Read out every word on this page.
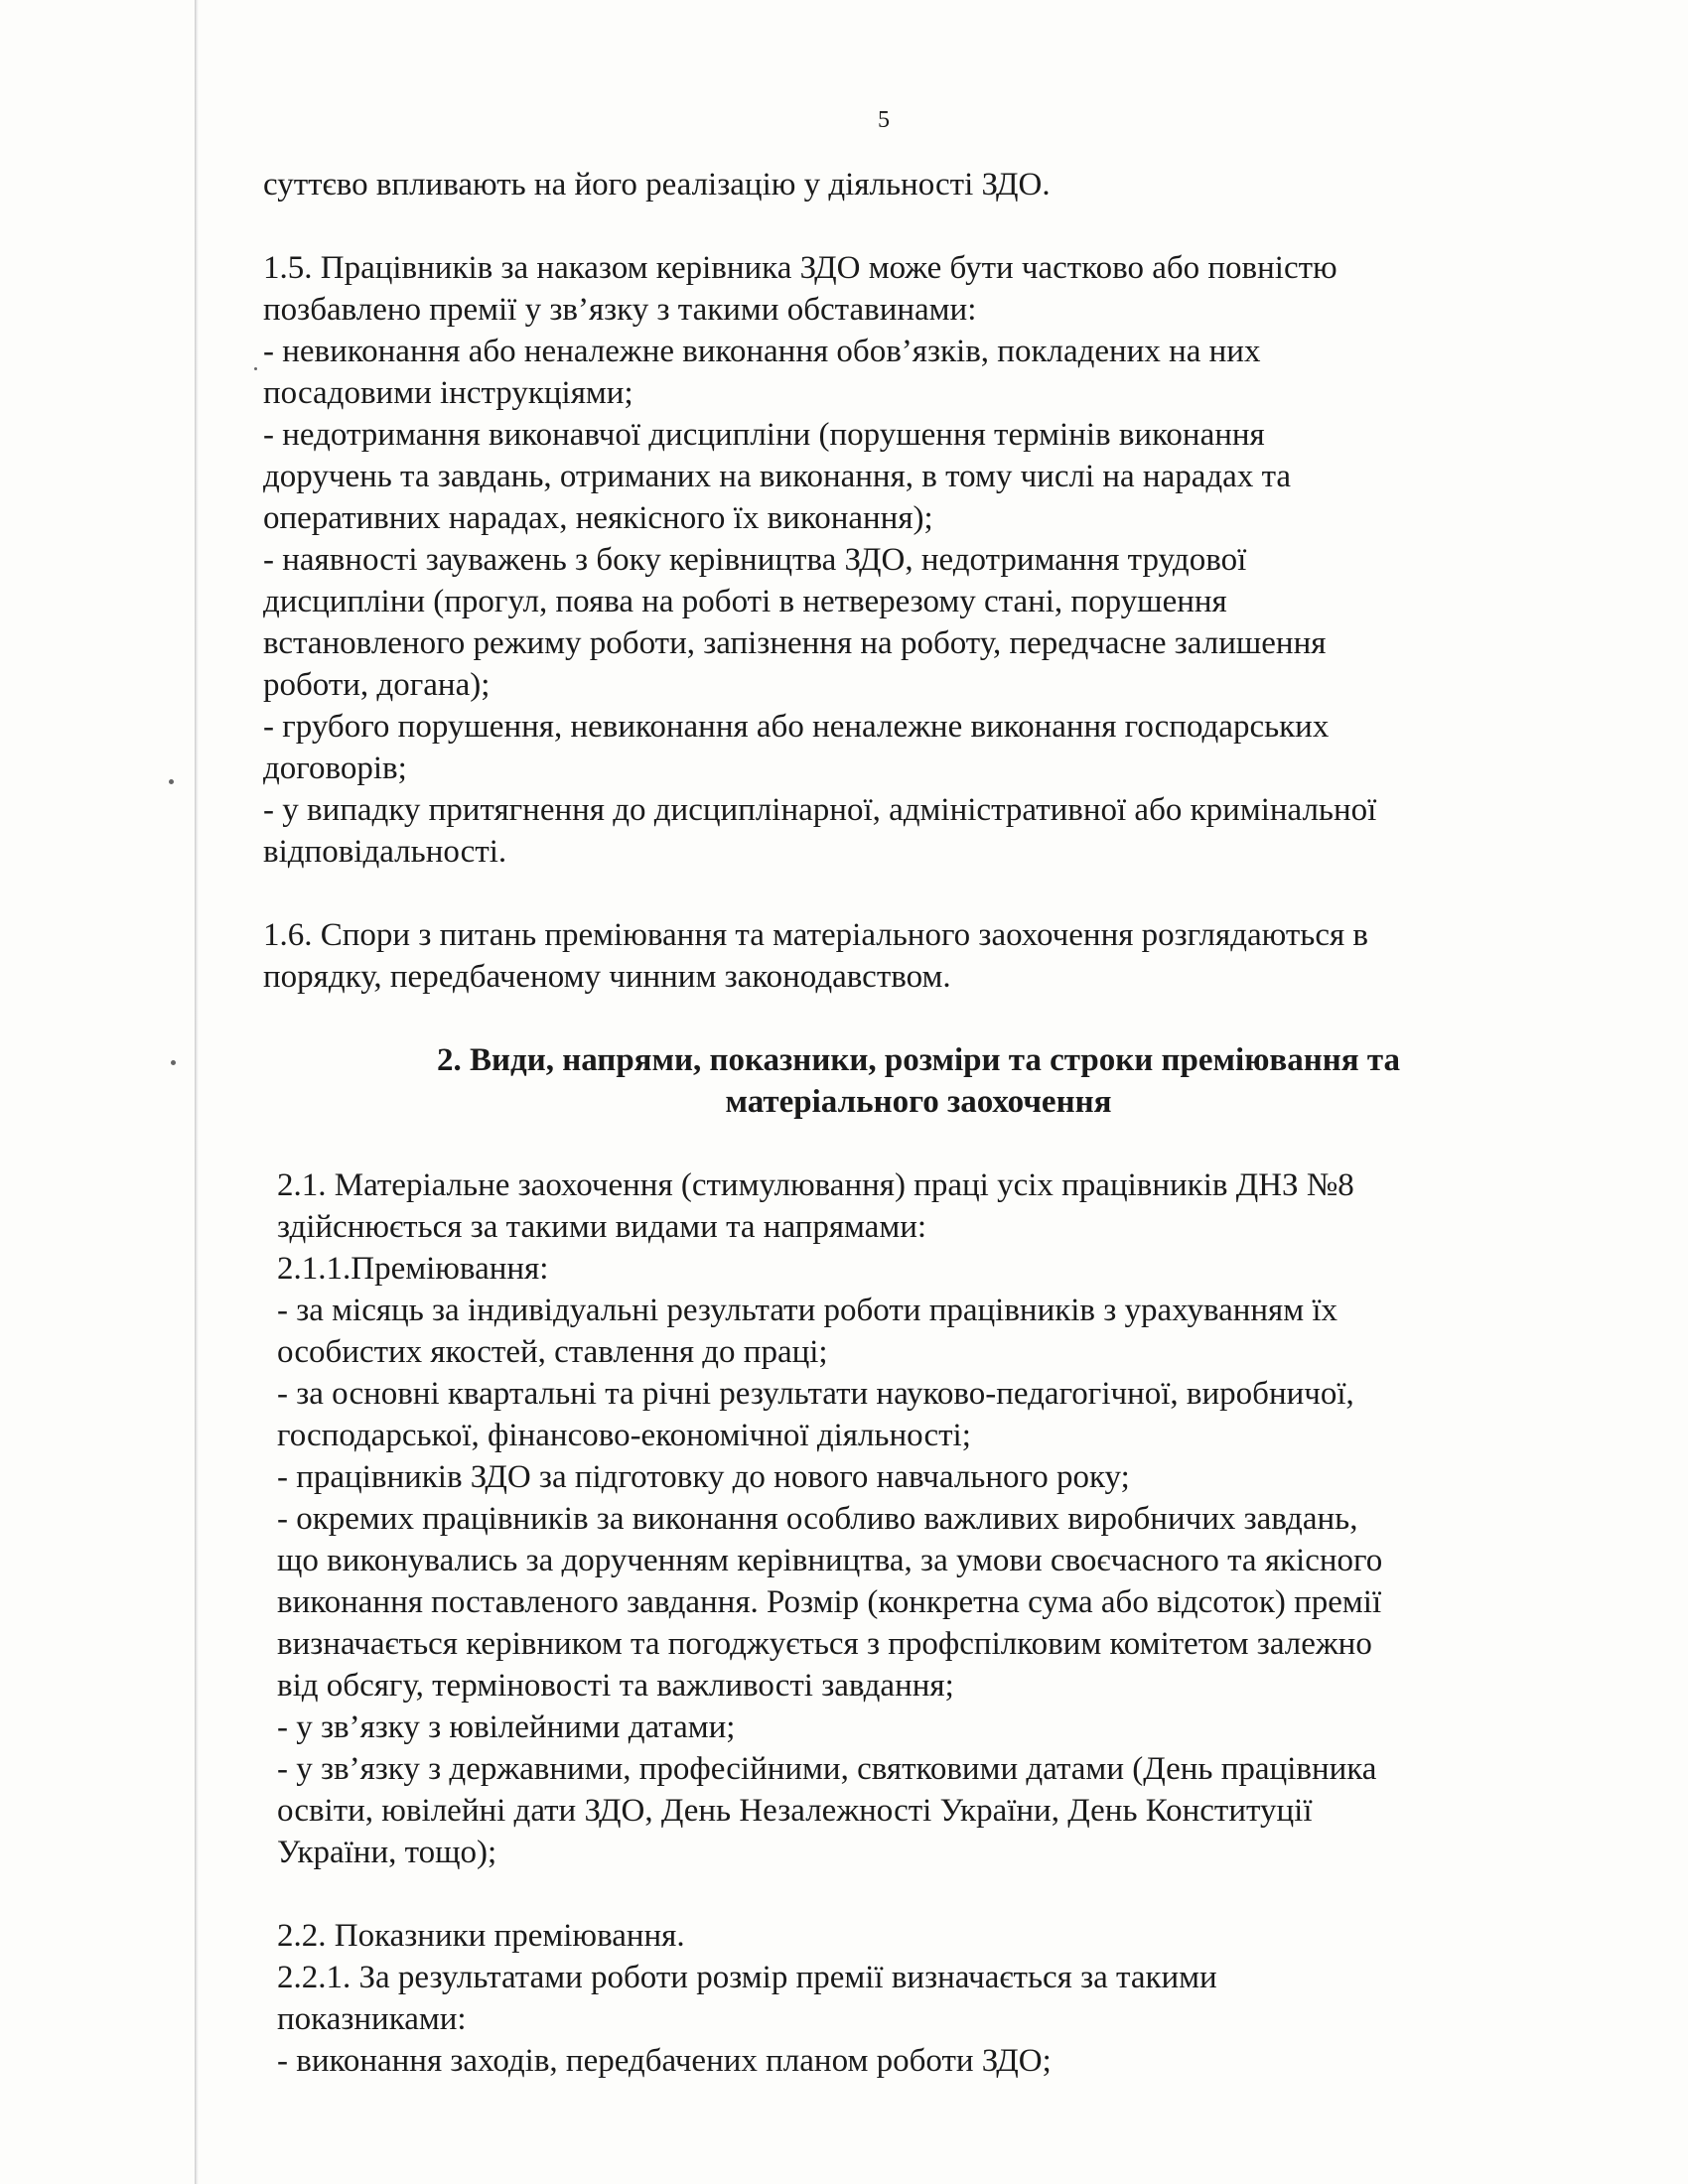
5

суттєво впливають на його реалізацію у діяльності ЗДО.

1.5. Працівників за наказом керівника ЗДО може бути частково або повністю

позбавлено премії у зв’язку з такими обставинами:

- невиконання або неналежне виконання обов’язків, покладених на них

посадовими інструкціями;

- недотримання виконавчої дисципліни (порушення термінів виконання

доручень та завдань, отриманих на виконання, в тому числі на нарадах та

оперативних нарадах, неякісного їх виконання);

- наявності зауважень з боку керівництва ЗДО, недотримання трудової

дисципліни (прогул, поява на роботі в нетверезому стані, порушення

встановленого режиму роботи, запізнення на роботу, передчасне залишення

роботи, догана);

- грубого порушення, невиконання або неналежне виконання господарських

договорів;

- у випадку притягнення до дисциплінарної, адміністративної або кримінальної

відповідальності.

1.6. Спори з питань преміювання та матеріального заохочення розглядаються в

порядку, передбаченому чинним законодавством.

2. Види, напрями, показники, розміри та строки преміювання та

матеріального заохочення

2.1. Матеріальне заохочення (стимулювання) праці усіх працівників ДНЗ №8

здійснюється за такими видами та напрямами:

2.1.1.Преміювання:

- за місяць за індивідуальні результати роботи працівників з урахуванням їх

особистих якостей, ставлення до праці;

- за основні квартальні та річні результати науково-педагогічної, виробничої,

господарської, фінансово-економічної діяльності;

- працівників ЗДО за підготовку до нового навчального року;

- окремих працівників за виконання особливо важливих виробничих завдань,

що виконувались за дорученням керівництва, за умови своєчасного та якісного

виконання поставленого завдання. Розмір (конкретна сума або відсоток) премії

визначається керівником та погоджується з профспілковим комітетом залежно

від обсягу, терміновості та важливості завдання;

- у зв’язку з ювілейними датами;

- у зв’язку з державними, професійними, святковими датами (День працівника

освіти, ювілейні дати ЗДО, День Незалежності України, День Конституції

України, тощо);

2.2. Показники преміювання.

2.2.1. За результатами роботи розмір премії визначається за такими

показниками:

- виконання заходів, передбачених планом роботи ЗДО;
